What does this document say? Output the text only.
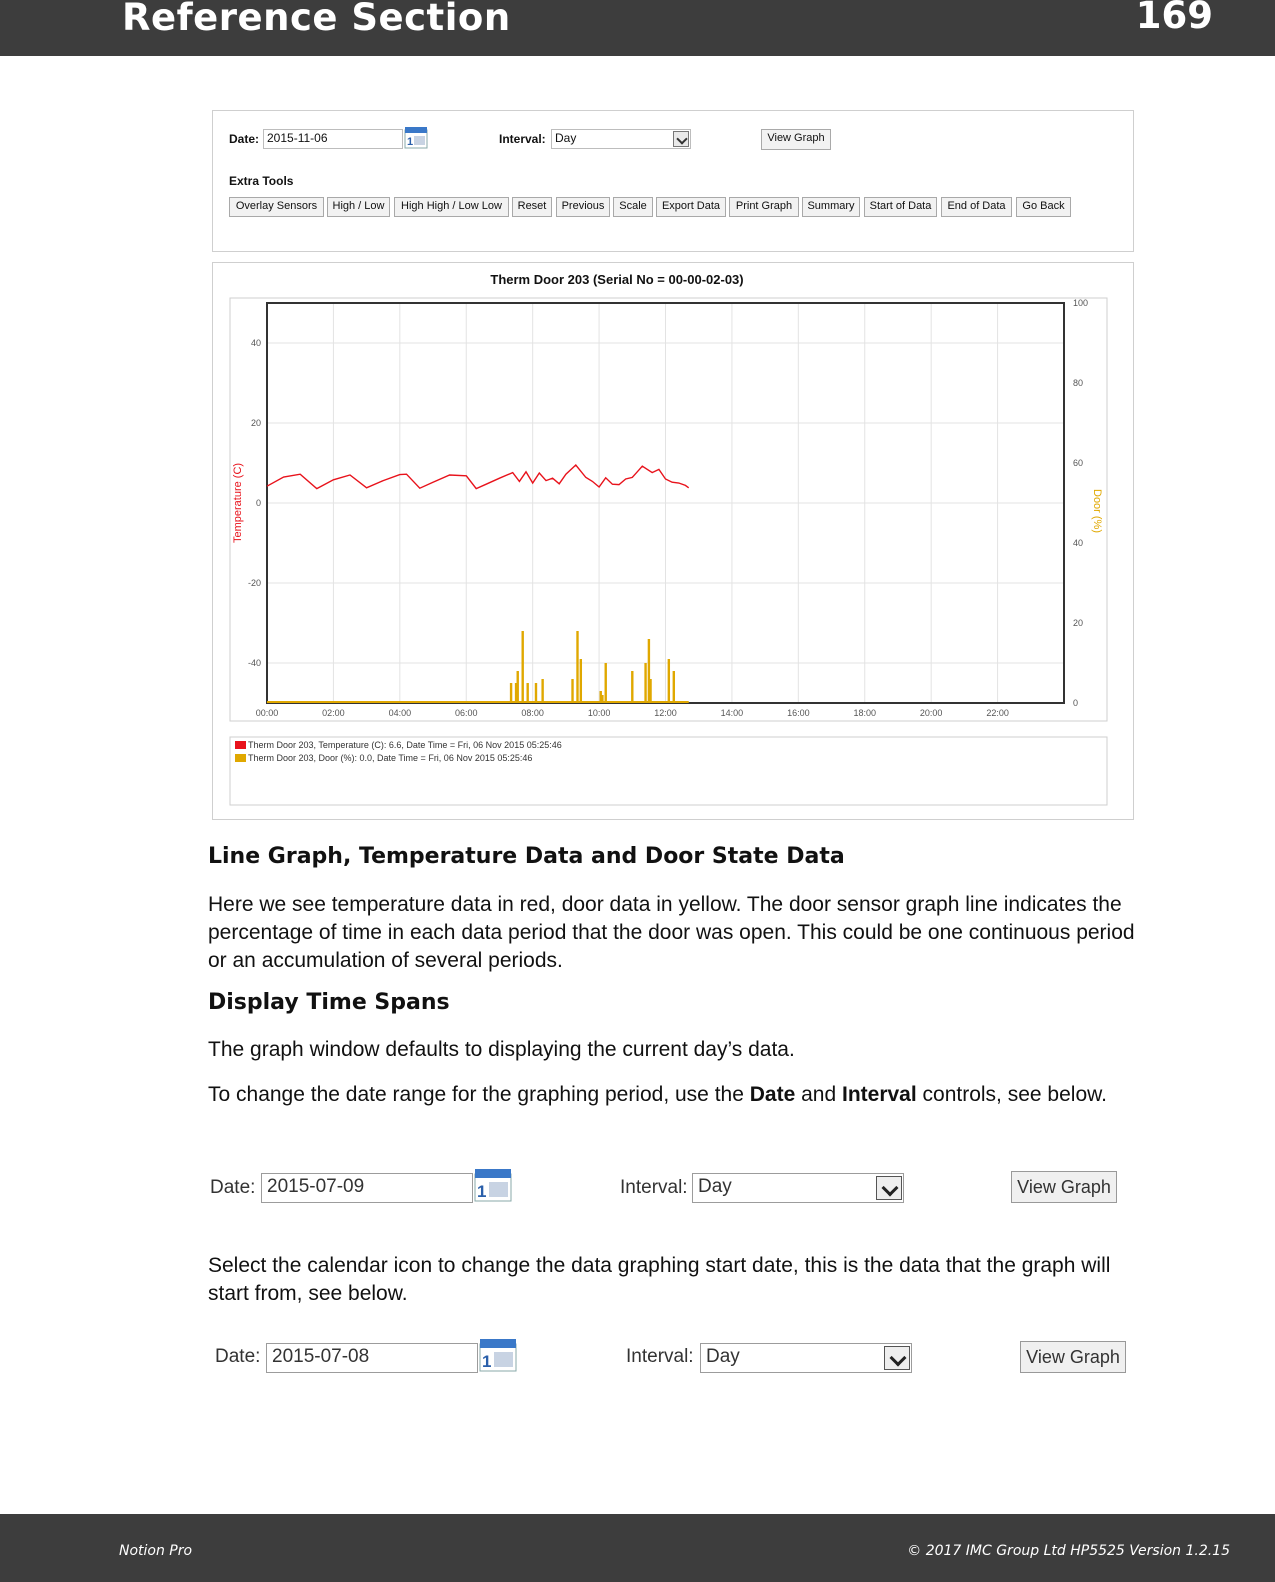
Reference Section	169
Date: 2015-11-06	1	Interval: Day	View Graph
Extra Tools
Overlay Sensors	High / Low	High High / Low Low	Reset	Previous	Scale	Export Data	Print Graph	Summary	Start of Data	End of Data	Go Back
Therm Door 203 (Serial No = 00-00-02-03)
00:00	02:00	04:00	06:00	08:00	10:00	12:00	14:00	16:00	18:00	20:00	22:00
40
20
0
-20
-40
100
80
60
40
20
0
Temperature (C)	Door (%)
Therm Door 203, Temperature (C): 6.6, Date Time = Fri, 06 Nov 2015 05:25:46
Therm Door 203, Door (%): 0.0, Date Time = Fri, 06 Nov 2015 05:25:46
Line Graph, Temperature Data and Door State Data
Here we see temperature data in red, door data in yellow. The door sensor graph line indicates the percentage of time in each data period that the door was open. This could be one continuous period or an accumulation of several periods.
Display Time Spans
The graph window defaults to displaying the current day’s data.
To change the date range for the graphing period, use the Date and Interval controls, see below.
Date: 2015-07-09	1	Interval: Day	View Graph
Select the calendar icon to change the data graphing start date, this is the data that the graph will start from, see below.
Date: 2015-07-08	1	Interval: Day	View Graph
Notion Pro	© 2017 IMC Group Ltd HP5525 Version 1.2.15
